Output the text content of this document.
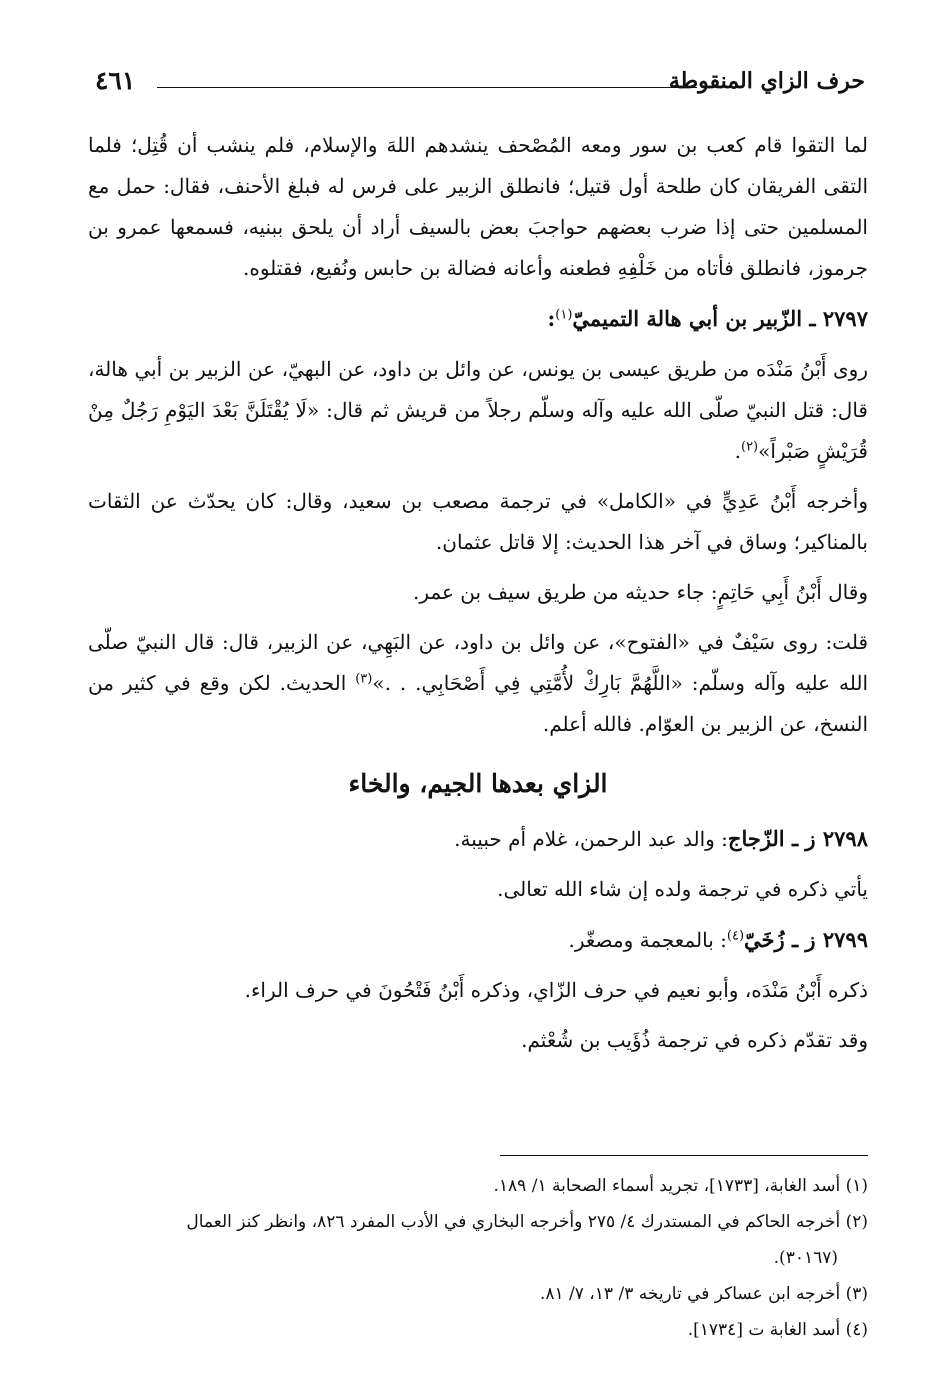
٤٦١	حرف الزاي المنقوطة

لما التقوا قام كعب بن سور ومعه المُصْحف ينشدهم اللهَ والإسلام، فلم ينشب أن قُتِل؛ فلما التقى الفريقان كان طلحة أول قتيل؛ فانطلق الزبير على فرس له فبلغ الأحنف، فقال: حمل مع المسلمين حتى إذا ضرب بعضهم حواجبَ بعض بالسيف أراد أن يلحق ببنيه، فسمعها عمرو بن جرموز، فانطلق فأتاه من خَلْفِهِ فطعنه وأعانه فضالة بن حابس ونُفيع، فقتلوه.

٢٧٩٧ ـ الزّبير بن أبي هالة التميميّ$^{(١)}$:

روى أَبْنُ مَنْدَه من طريق عيسى بن يونس، عن وائل بن داود، عن البهيّ، عن الزبير بن أبي هالة، قال: قتل النبيّ صلّى الله عليه وآله وسلّم رجلاً من قريش ثم قال: «لَا يُقْتَلَنَّ بَعْدَ اليَوْمِ رَجُلٌ مِنْ قُرَيْشٍ صَبْراً»$^{(٢)}$.

وأخرجه أَبْنُ عَدِيٍّ في «الكامل» في ترجمة مصعب بن سعيد، وقال: كان يحدّث عن الثقات بالمناكير؛ وساق في آخر هذا الحديث: إلا قاتل عثمان.

وقال أَبْنُ أَبِي حَاتِمٍ: جاء حديثه من طريق سيف بن عمر.

قلت: روى سَيْفٌ في «الفتوح»، عن وائل بن داود، عن البَهِي، عن الزبير، قال: قال النبيّ صلّى الله عليه وآله وسلّم: «اللَّهُمَّ بَارِكْ لأُمَّتِي فِي أَصْحَابِي. . .»$^{(٣)}$ الحديث. لكن وقع في كثير من النسخ، عن الزبير بن العوّام. فالله أعلم.

الزاي بعدها الجيم، والخاء

٢٧٩٨ ز ـ الزّجاج: والد عبد الرحمن، غلام أم حبيبة.

يأتي ذكره في ترجمة ولده إن شاء الله تعالى.

٢٧٩٩ ز ـ زُخَيّ$^{(٤)}$: بالمعجمة ومصغّر.

ذكره أَبْنُ مَنْدَه، وأبو نعيم في حرف الزّاي، وذكره أَبْنُ فَتْحُونَ في حرف الراء.

وقد تقدّم ذكره في ترجمة ذُؤَيب بن شُعْثم.

(١) أسد الغابة، [١٧٣٣]، تجريد أسماء الصحابة ١/ ١٨٩.

(٢) أخرجه الحاكم في المستدرك ٤/ ٢٧٥ وأخرجه البخاري في الأدب المفرد ٨٢٦، وانظر كنز العمال

(٣٠١٦٧).

(٣) أخرجه ابن عساكر في تاريخه ٣/ ١٣، ٧/ ٨١.

(٤) أسد الغابة ت [١٧٣٤].
